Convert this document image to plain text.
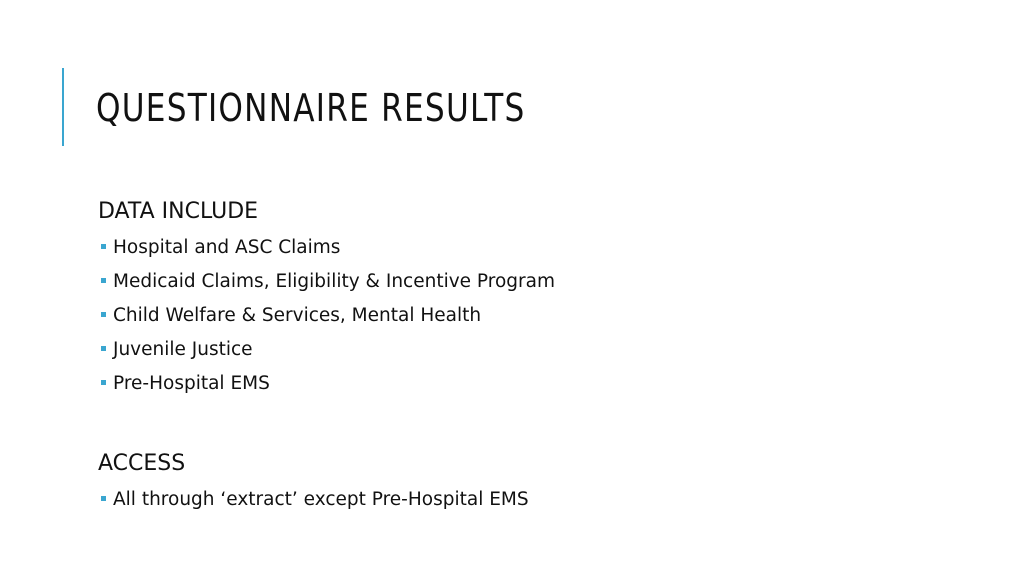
QUESTIONNAIRE RESULTS
DATA INCLUDE
Hospital and ASC Claims
Medicaid Claims, Eligibility & Incentive Program
Child Welfare & Services, Mental Health
Juvenile Justice
Pre-Hospital EMS
ACCESS
All through ‘extract’ except Pre-Hospital EMS
